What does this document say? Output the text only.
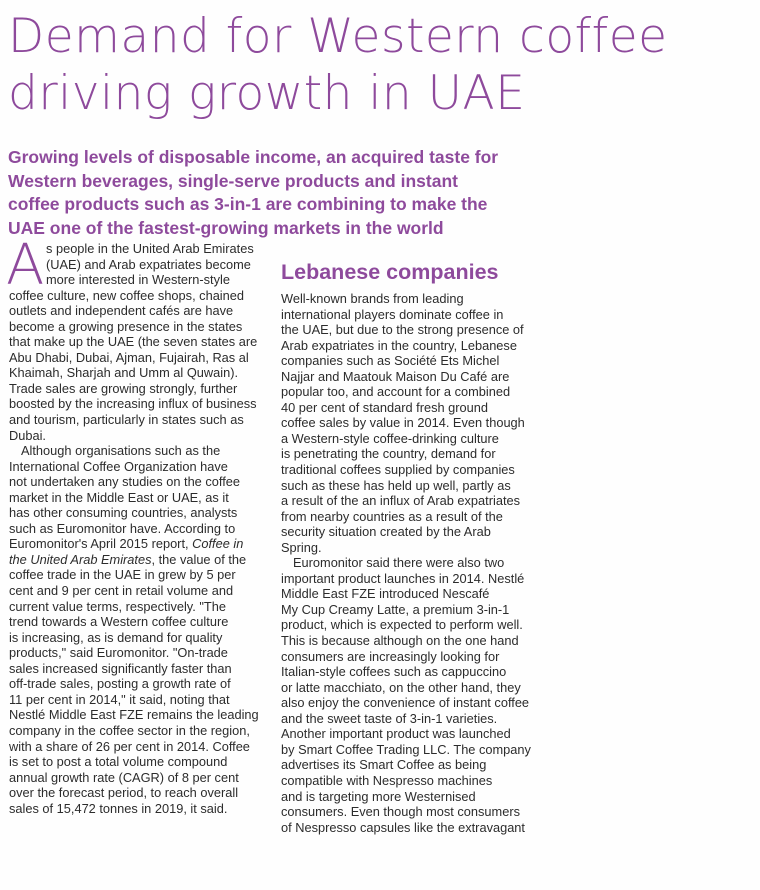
Demand for Western coffee
driving growth in UAE
Growing levels of disposable income, an acquired taste for
Western beverages, single-serve products and instant
coffee products such as 3-in-1 are combining to make the
UAE one of the fastest-growing markets in the world
A s people in the United Arab Emirates
(UAE) and Arab expatriates become
more interested in Western-style
coffee culture, new coffee shops, chained
outlets and independent cafés are have
become a growing presence in the states
that make up the UAE (the seven states are
Abu Dhabi, Dubai, Ajman, Fujairah, Ras al
Khaimah, Sharjah and Umm al Quwain).
Trade sales are growing strongly, further
boosted by the increasing influx of business
and tourism, particularly in states such as
Dubai.
Although organisations such as the
International Coffee Organization have
not undertaken any studies on the coffee
market in the Middle East or UAE, as it
has other consuming countries, analysts
such as Euromonitor have. According to
Euromonitor's April 2015 report, Coffee in
the United Arab Emirates, the value of the
coffee trade in the UAE in grew by 5 per
cent and 9 per cent in retail volume and
current value terms, respectively. "The
trend towards a Western coffee culture
is increasing, as is demand for quality
products," said Euromonitor. "On-trade
sales increased significantly faster than
off-trade sales, posting a growth rate of
11 per cent in 2014," it said, noting that
Nestlé Middle East FZE remains the leading
company in the coffee sector in the region,
with a share of 26 per cent in 2014. Coffee
is set to post a total volume compound
annual growth rate (CAGR) of 8 per cent
over the forecast period, to reach overall
sales of 15,472 tonnes in 2019, it said.
Lebanese companies
Well-known brands from leading
international players dominate coffee in
the UAE, but due to the strong presence of
Arab expatriates in the country, Lebanese
companies such as Société Ets Michel
Najjar and Maatouk Maison Du Café are
popular too, and account for a combined
40 per cent of standard fresh ground
coffee sales by value in 2014. Even though
a Western-style coffee-drinking culture
is penetrating the country, demand for
traditional coffees supplied by companies
such as these has held up well, partly as
a result of the an influx of Arab expatriates
from nearby countries as a result of the
security situation created by the Arab
Spring.
Euromonitor said there were also two
important product launches in 2014. Nestlé
Middle East FZE introduced Nescafé
My Cup Creamy Latte, a premium 3-in-1
product, which is expected to perform well.
This is because although on the one hand
consumers are increasingly looking for
Italian-style coffees such as cappuccino
or latte macchiato, on the other hand, they
also enjoy the convenience of instant coffee
and the sweet taste of 3-in-1 varieties.
Another important product was launched
by Smart Coffee Trading LLC. The company
advertises its Smart Coffee as being
compatible with Nespresso machines
and is targeting more Westernised
consumers. Even though most consumers
of Nespresso capsules like the extravagant
